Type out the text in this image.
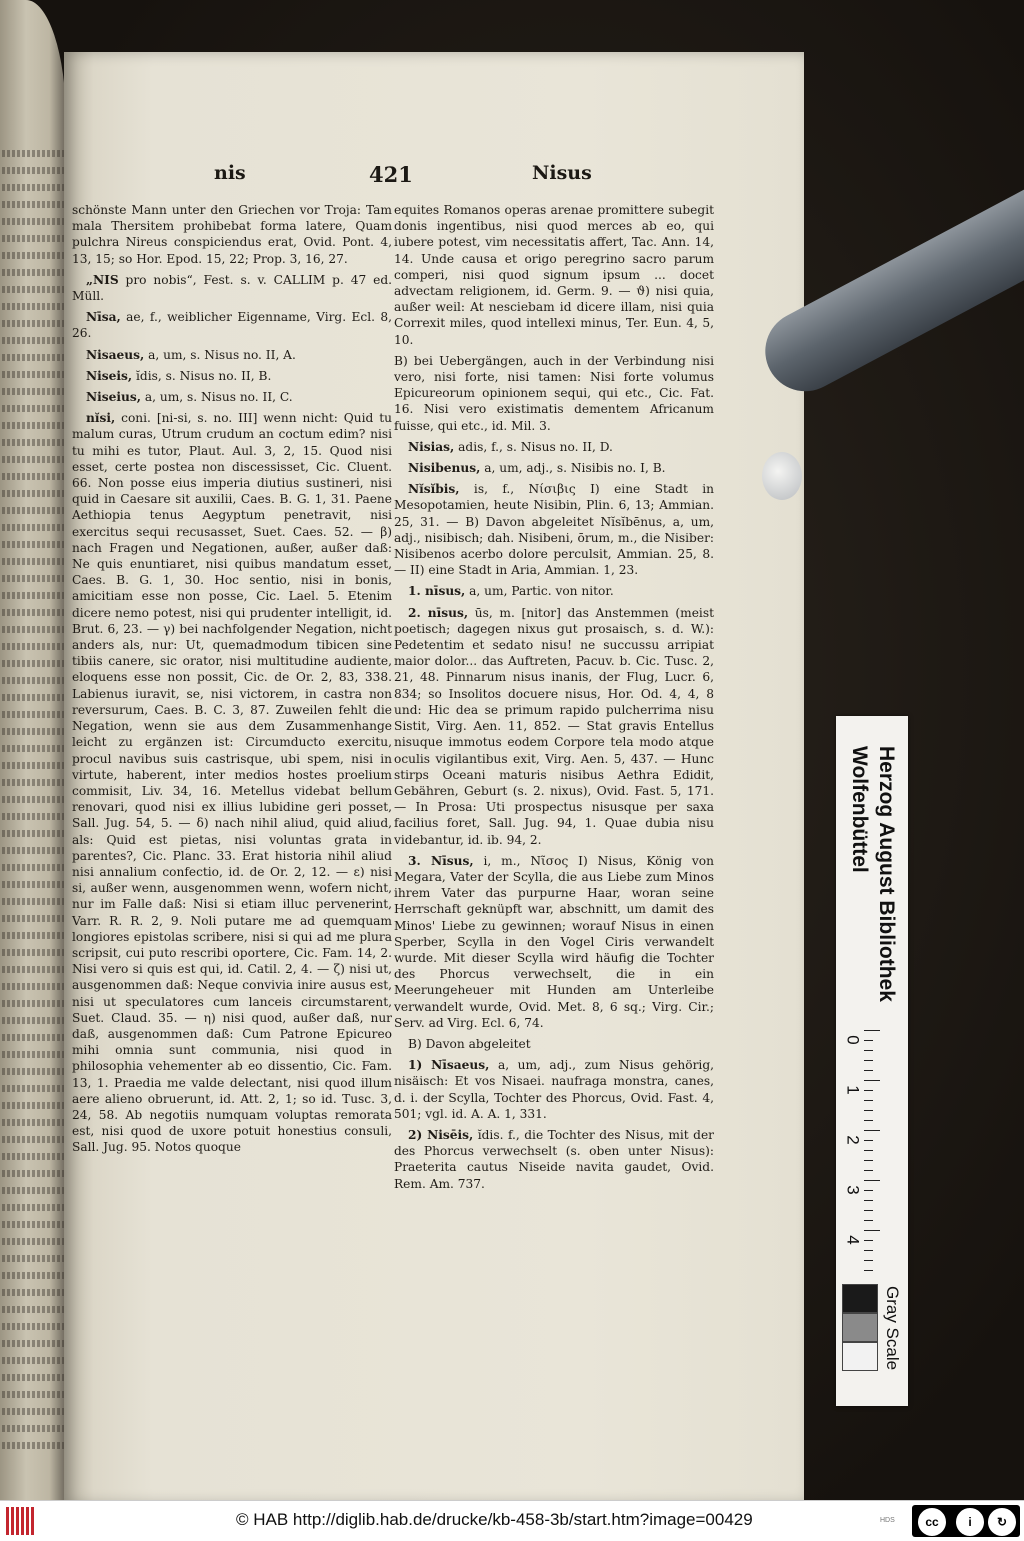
nis	421	Nisus

schönste Mann unter den Griechen vor Troja: Tam mala Thersitem prohibebat forma latere, Quam pulchra Nireus conspiciendus erat, Ovid. Pont. 4, 13, 15; so Hor. Epod. 15, 22; Prop. 3, 16, 27.

„NIS pro nobis“, Fest. s. v. CALLIM p. 47 ed. Müll.

Nīsa, ae, f., weiblicher Eigenname, Virg. Ecl. 8, 26.

Nisaeus, a, um, s. Nisus no. II, A.

Niseis, ĭdis, s. Nisus no. II, B.

Niseius, a, um, s. Nisus no. II, C.

nĭsi, coni. [ni-si, s. no. III] wenn nicht: Quid tu malum curas, Utrum crudum an coctum edim? nisi tu mihi es tutor, Plaut. Aul. 3, 2, 15. Quod nisi esset, certe postea non discessisset, Cic. Cluent. 66. Non posse eius imperia diutius sustineri, nisi quid in Caesare sit auxilii, Caes. B. G. 1, 31. Paene Aethiopia tenus Aegyptum penetravit, nisi exercitus sequi recusasset, Suet. Caes. 52. — β) nach Fragen und Negationen, außer, außer daß: Ne quis enuntiaret, nisi quibus mandatum esset, Caes. B. G. 1, 30. Hoc sentio, nisi in bonis, amicitiam esse non posse, Cic. Lael. 5. Etenim dicere nemo potest, nisi qui prudenter intelligit, id. Brut. 6, 23. — γ) bei nachfolgender Negation, nicht anders als, nur: Ut, quemadmodum tibicen sine tibiis canere, sic orator, nisi multitudine audiente, eloquens esse non possit, Cic. de Or. 2, 83, 338. Labienus iuravit, se, nisi victorem, in castra non reversurum, Caes. B. C. 3, 87. Zuweilen fehlt die Negation, wenn sie aus dem Zusammenhange leicht zu ergänzen ist: Circumducto exercitu, procul navibus suis castrisque, ubi spem, nisi in virtute, haberent, inter medios hostes proelium commisit, Liv. 34, 16. Metellus videbat bellum renovari, quod nisi ex illius lubidine geri posset, Sall. Jug. 54, 5. — δ) nach nihil aliud, quid aliud, als: Quid est pietas, nisi voluntas grata in parentes?, Cic. Planc. 33. Erat historia nihil aliud nisi annalium confectio, id. de Or. 2, 12. — ε) nisi si, außer wenn, ausgenommen wenn, wofern nicht, nur im Falle daß: Nisi si etiam illuc pervenerint, Varr. R. R. 2, 9. Noli putare me ad quemquam longiores epistolas scribere, nisi si qui ad me plura scripsit, cui puto rescribi oportere, Cic. Fam. 14, 2. Nisi vero si quis est qui, id. Catil. 2, 4. — ζ) nisi ut, ausgenommen daß: Neque convivia inire ausus est, nisi ut speculatores cum lanceis circumstarent, Suet. Claud. 35. — η) nisi quod, außer daß, nur daß, ausgenommen daß: Cum Patrone Epicureo mihi omnia sunt communia, nisi quod in philosophia vehementer ab eo dissentio, Cic. Fam. 13, 1. Praedia me valde delectant, nisi quod illum aere alieno obruerunt, id. Att. 2, 1; so id. Tusc. 3, 24, 58. Ab negotiis numquam voluptas remorata est, nisi quod de uxore potuit honestius consuli, Sall. Jug. 95. Notos quoque

equites Romanos operas arenae promittere subegit donis ingentibus, nisi quod merces ab eo, qui iubere potest, vim necessitatis affert, Tac. Ann. 14, 14. Unde causa et origo peregrino sacro parum comperi, nisi quod signum ipsum ... docet advectam religionem, id. Germ. 9. — ϑ) nisi quia, außer weil: At nesciebam id dicere illam, nisi quia Correxit miles, quod intellexi minus, Ter. Eun. 4, 5, 10.

B) bei Uebergängen, auch in der Verbindung nisi vero, nisi forte, nisi tamen: Nisi forte volumus Epicureorum opinionem sequi, qui etc., Cic. Fat. 16. Nisi vero existimatis dementem Africanum fuisse, qui etc., id. Mil. 3.

Nisias, adis, f., s. Nisus no. II, D.

Nisibenus, a, um, adj., s. Nisibis no. I, B.

Nĭsĭbis, is, f., Νίσιβις I) eine Stadt in Mesopotamien, heute Nisibin, Plin. 6, 13; Ammian. 25, 31. — B) Davon abgeleitet Nĭsĭbēnus, a, um, adj., nisibisch; dah. Nisibeni, ōrum, m., die Nisiber: Nisibenos acerbo dolore perculsit, Ammian. 25, 8. — II) eine Stadt in Aria, Ammian. 1, 23.

1. nīsus, a, um, Partic. von nitor.

2. nīsus, ūs, m. [nitor] das Anstemmen (meist poetisch; dagegen nixus gut prosaisch, s. d. W.): Pedetentim et sedato nisu! ne succussu arripiat maior dolor... das Auftreten, Pacuv. b. Cic. Tusc. 2, 21, 48. Pinnarum nisus inanis, der Flug, Lucr. 6, 834; so Insolitos docuere nisus, Hor. Od. 4, 4, 8 und: Hic dea se primum rapido pulcherrima nisu Sistit, Virg. Aen. 11, 852. — Stat gravis Entellus nisuque immotus eodem Corpore tela modo atque oculis vigilantibus exit, Virg. Aen. 5, 437. — Hunc stirps Oceani maturis nisibus Aethra Edidit, Gebähren, Geburt (s. 2. nixus), Ovid. Fast. 5, 171. — In Prosa: Uti prospectus nisusque per saxa facilius foret, Sall. Jug. 94, 1. Quae dubia nisu videbantur, id. ib. 94, 2.

3. Nīsus, i, m., Νῖσος I) Nisus, König von Megara, Vater der Scylla, die aus Liebe zum Minos ihrem Vater das purpurne Haar, woran seine Herrschaft geknüpft war, abschnitt, um damit des Minos' Liebe zu gewinnen; worauf Nisus in einen Sperber, Scylla in den Vogel Ciris verwandelt wurde. Mit dieser Scylla wird häufig die Tochter des Phorcus verwechselt, die in ein Meerungeheuer mit Hunden am Unterleibe verwandelt wurde, Ovid. Met. 8, 6 sq.; Virg. Cir.; Serv. ad Virg. Ecl. 6, 74.

B) Davon abgeleitet

1) Nīsaeus, a, um, adj., zum Nisus gehörig, nisäisch: Et vos Nisaei. naufraga monstra, canes, d. i. der Scylla, Tochter des Phorcus, Ovid. Fast. 4, 501; vgl. id. A. A. 1, 331.

2) Nisēis, ĭdis. f., die Tochter des Nisus, mit der des Phorcus verwechselt (s. oben unter Nisus): Praeterita cautus Niseide navita gaudet, Ovid. Rem. Am. 737.

Herzog August Bibliothek
Wolfenbüttel
0
1
2
3
4
Gray Scale
© HAB http://diglib.hab.de/drucke/kb-458-3b/start.htm?image=00429	HDS	cc	i	↻
BY	SA
